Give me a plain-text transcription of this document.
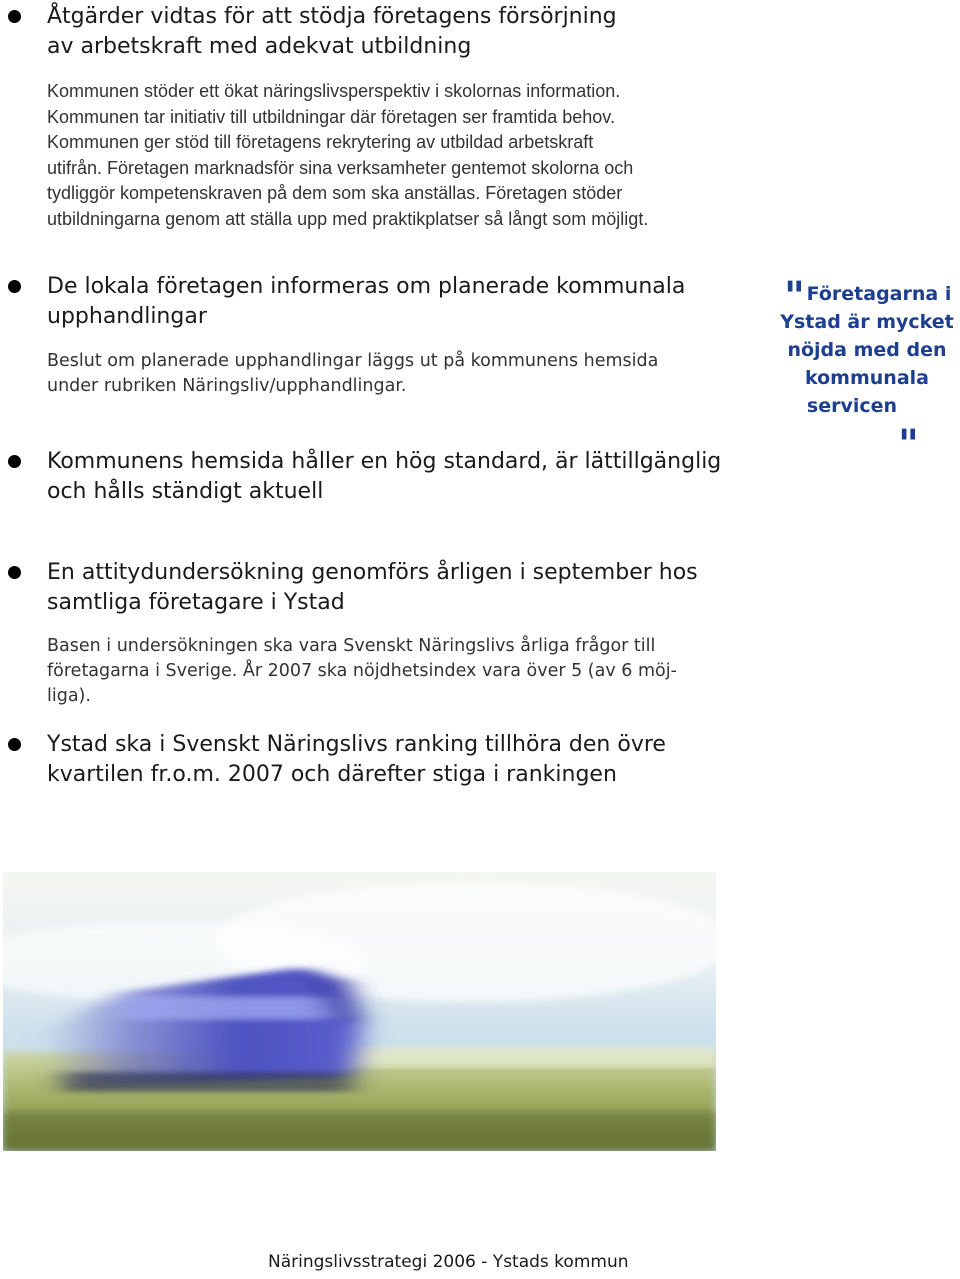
Åtgärder vidtas för att stödja företagens försörjning
av arbetskraft med adekvat utbildning

Kommunen stöder ett ökat näringslivsperspektiv i skolornas information.
Kommunen tar initiativ till utbildningar där företagen ser framtida behov.
Kommunen ger stöd till företagens rekrytering av utbildad arbetskraft
utifrån. Företagen marknadsför sina verksamheter gentemot skolorna och
tydliggör kompetenskraven på dem som ska anställas. Företagen stöder
utbildningarna genom att ställa upp med praktikplatser så långt som möjligt.

De lokala företagen informeras om planerade kommunala
upphandlingar

Beslut om planerade upphandlingar läggs ut på kommunens hemsida
under rubriken Näringsliv/upphandlingar.

Kommunens hemsida håller en hög standard, är lättillgänglig
och hålls ständigt aktuell
" Företagarna i
Ystad är mycket
nöjda med den
kommunala
servicen
"
En attitydundersökning genomförs årligen i september hos
samtliga företagare i Ystad

Basen i undersökningen ska vara Svenskt Näringslivs årliga frågor till
företagarna i Sverige. År 2007 ska nöjdhetsindex vara över 5 (av 6 möj-
liga).

Ystad ska i Svenskt Näringslivs ranking tillhöra den övre
kvartilen fr.o.m. 2007 och därefter stiga i rankingen
Näringslivsstrategi 2006 - Ystads kommun
